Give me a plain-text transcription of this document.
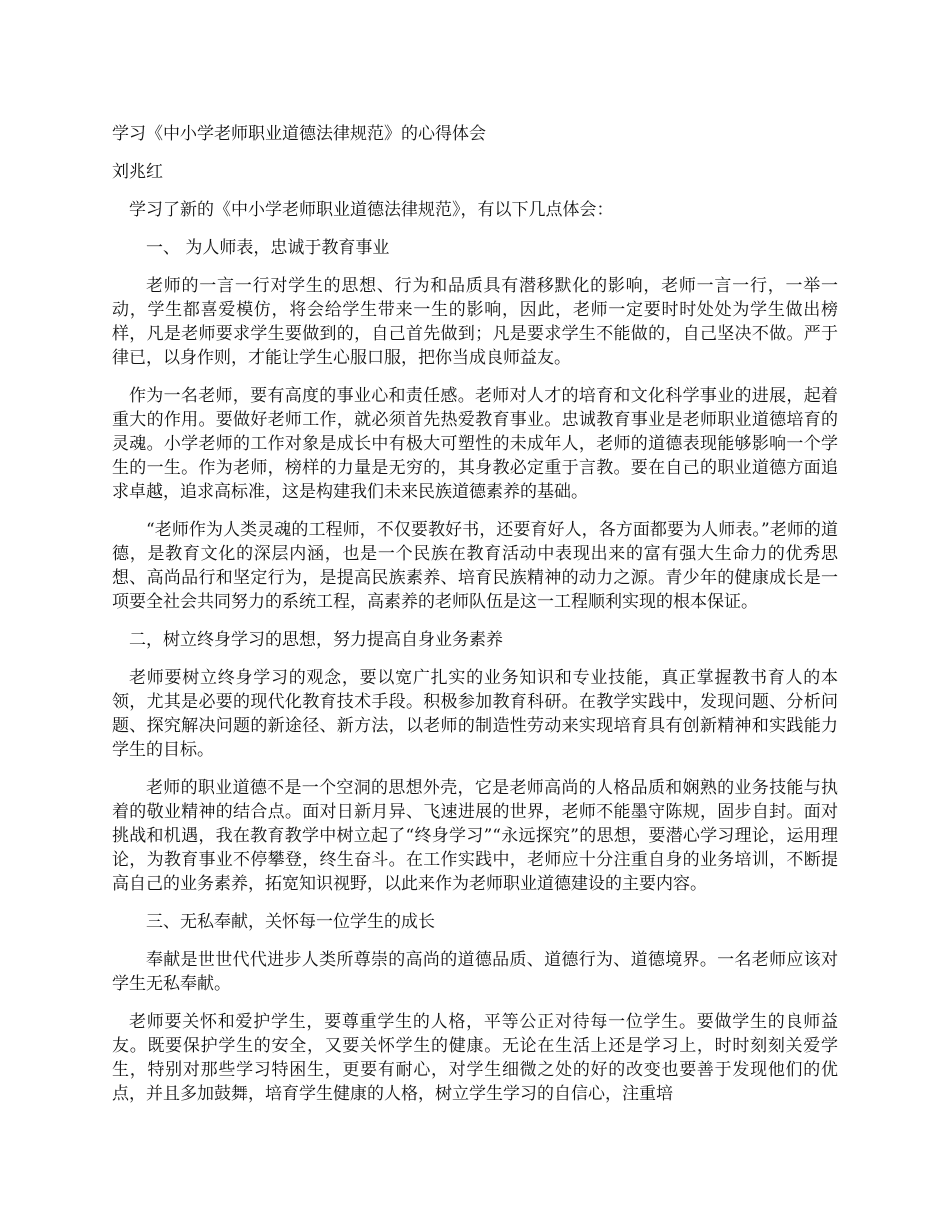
学习《中小学老师职业道德法律规范》的心得体会
刘兆红
学习了新的《中小学老师职业道德法律规范》，有以下几点体会：
一、 为人师表，忠诚于教育事业
老师的一言一行对学生的思想、行为和品质具有潜移默化的影响，老师一言一行，一举一动，学生都喜爱模仿，将会给学生带来一生的影响，因此，老师一定要时时处处为学生做出榜样，凡是老师要求学生要做到的，自己首先做到；凡是要求学生不能做的，自己坚决不做。严于律已，以身作则，才能让学生心服口服，把你当成良师益友。
作为一名老师，要有高度的事业心和责任感。老师对人才的培育和文化科学事业的进展，起着重大的作用。要做好老师工作，就必须首先热爱教育事业。忠诚教育事业是老师职业道德培育的灵魂。小学老师的工作对象是成长中有极大可塑性的未成年人，老师的道德表现能够影响一个学生的一生。作为老师，榜样的力量是无穷的，其身教必定重于言教。要在自己的职业道德方面追求卓越，追求高标准，这是构建我们未来民族道德素养的基础。
“老师作为人类灵魂的工程师，不仅要教好书，还要育好人，各方面都要为人师表。”老师的道德，是教育文化的深层内涵，也是一个民族在教育活动中表现出来的富有强大生命力的优秀思想、高尚品行和坚定行为，是提高民族素养、培育民族精神的动力之源。青少年的健康成长是一项要全社会共同努力的系统工程，高素养的老师队伍是这一工程顺利实现的根本保证。
二，树立终身学习的思想，努力提高自身业务素养
老师要树立终身学习的观念，要以宽广扎实的业务知识和专业技能，真正掌握教书育人的本领，尤其是必要的现代化教育技术手段。积极参加教育科研。在教学实践中，发现问题、分析问题、探究解决问题的新途径、新方法，以老师的制造性劳动来实现培育具有创新精神和实践能力学生的目标。
老师的职业道德不是一个空洞的思想外壳，它是老师高尚的人格品质和娴熟的业务技能与执着的敬业精神的结合点。面对日新月异、飞速进展的世界，老师不能墨守陈规，固步自封。面对挑战和机遇，我在教育教学中树立起了“终身学习”“永远探究”的思想，要潜心学习理论，运用理论，为教育事业不停攀登，终生奋斗。在工作实践中，老师应十分注重自身的业务培训，不断提高自己的业务素养，拓宽知识视野，以此来作为老师职业道德建设的主要内容。
三、无私奉献，关怀每一位学生的成长
奉献是世世代代进步人类所尊崇的高尚的道德品质、道德行为、道德境界。一名老师应该对学生无私奉献。
老师要关怀和爱护学生，要尊重学生的人格，平等公正对待每一位学生。要做学生的良师益友。既要保护学生的安全，又要关怀学生的健康。无论在生活上还是学习上，时时刻刻关爱学生，特别对那些学习特困生，更要有耐心，对学生细微之处的好的改变也要善于发现他们的优点，并且多加鼓舞，培育学生健康的人格，树立学生学习的自信心，注重培
